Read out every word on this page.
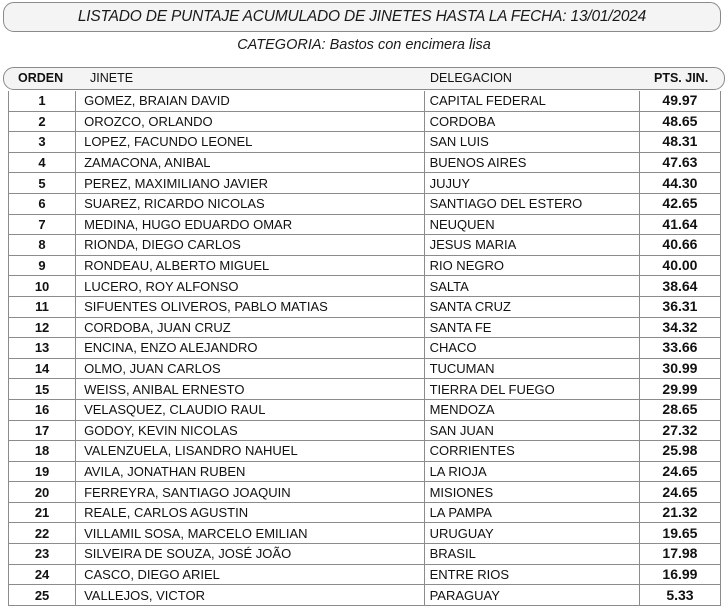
LISTADO DE PUNTAJE ACUMULADO DE JINETES HASTA LA FECHA: 13/01/2024
CATEGORIA: Bastos con encimera lisa
ORDEN JINETE	DELEGACION	PTS. JIN.
1	GOMEZ, BRAIAN DAVID	CAPITAL FEDERAL	49.97
2	OROZCO, ORLANDO	CORDOBA	48.65
3	LOPEZ, FACUNDO LEONEL	SAN LUIS	48.31
4	ZAMACONA, ANIBAL	BUENOS AIRES	47.63
5	PEREZ, MAXIMILIANO JAVIER	JUJUY	44.30
6	SUAREZ, RICARDO NICOLAS	SANTIAGO DEL ESTERO	42.65
7	MEDINA, HUGO EDUARDO OMAR	NEUQUEN	41.64
8	RIONDA, DIEGO CARLOS	JESUS MARIA	40.66
9	RONDEAU, ALBERTO MIGUEL	RIO NEGRO	40.00
10	LUCERO, ROY ALFONSO	SALTA	38.64
11	SIFUENTES OLIVEROS, PABLO MATIAS	SANTA CRUZ	36.31
12	CORDOBA, JUAN CRUZ	SANTA FE	34.32
13	ENCINA, ENZO ALEJANDRO	CHACO	33.66
14	OLMO, JUAN CARLOS	TUCUMAN	30.99
15	WEISS, ANIBAL ERNESTO	TIERRA DEL FUEGO	29.99
16	VELASQUEZ, CLAUDIO RAUL	MENDOZA	28.65
17	GODOY, KEVIN NICOLAS	SAN JUAN	27.32
18	VALENZUELA, LISANDRO NAHUEL	CORRIENTES	25.98
19	AVILA, JONATHAN RUBEN	LA RIOJA	24.65
20	FERREYRA, SANTIAGO JOAQUIN	MISIONES	24.65
21	REALE, CARLOS AGUSTIN	LA PAMPA	21.32
22	VILLAMIL SOSA, MARCELO EMILIAN	URUGUAY	19.65
23	SILVEIRA DE SOUZA, JOSÉ JOÃO	BRASIL	17.98
24	CASCO, DIEGO ARIEL	ENTRE RIOS	16.99
25	VALLEJOS, VICTOR	PARAGUAY	5.33
